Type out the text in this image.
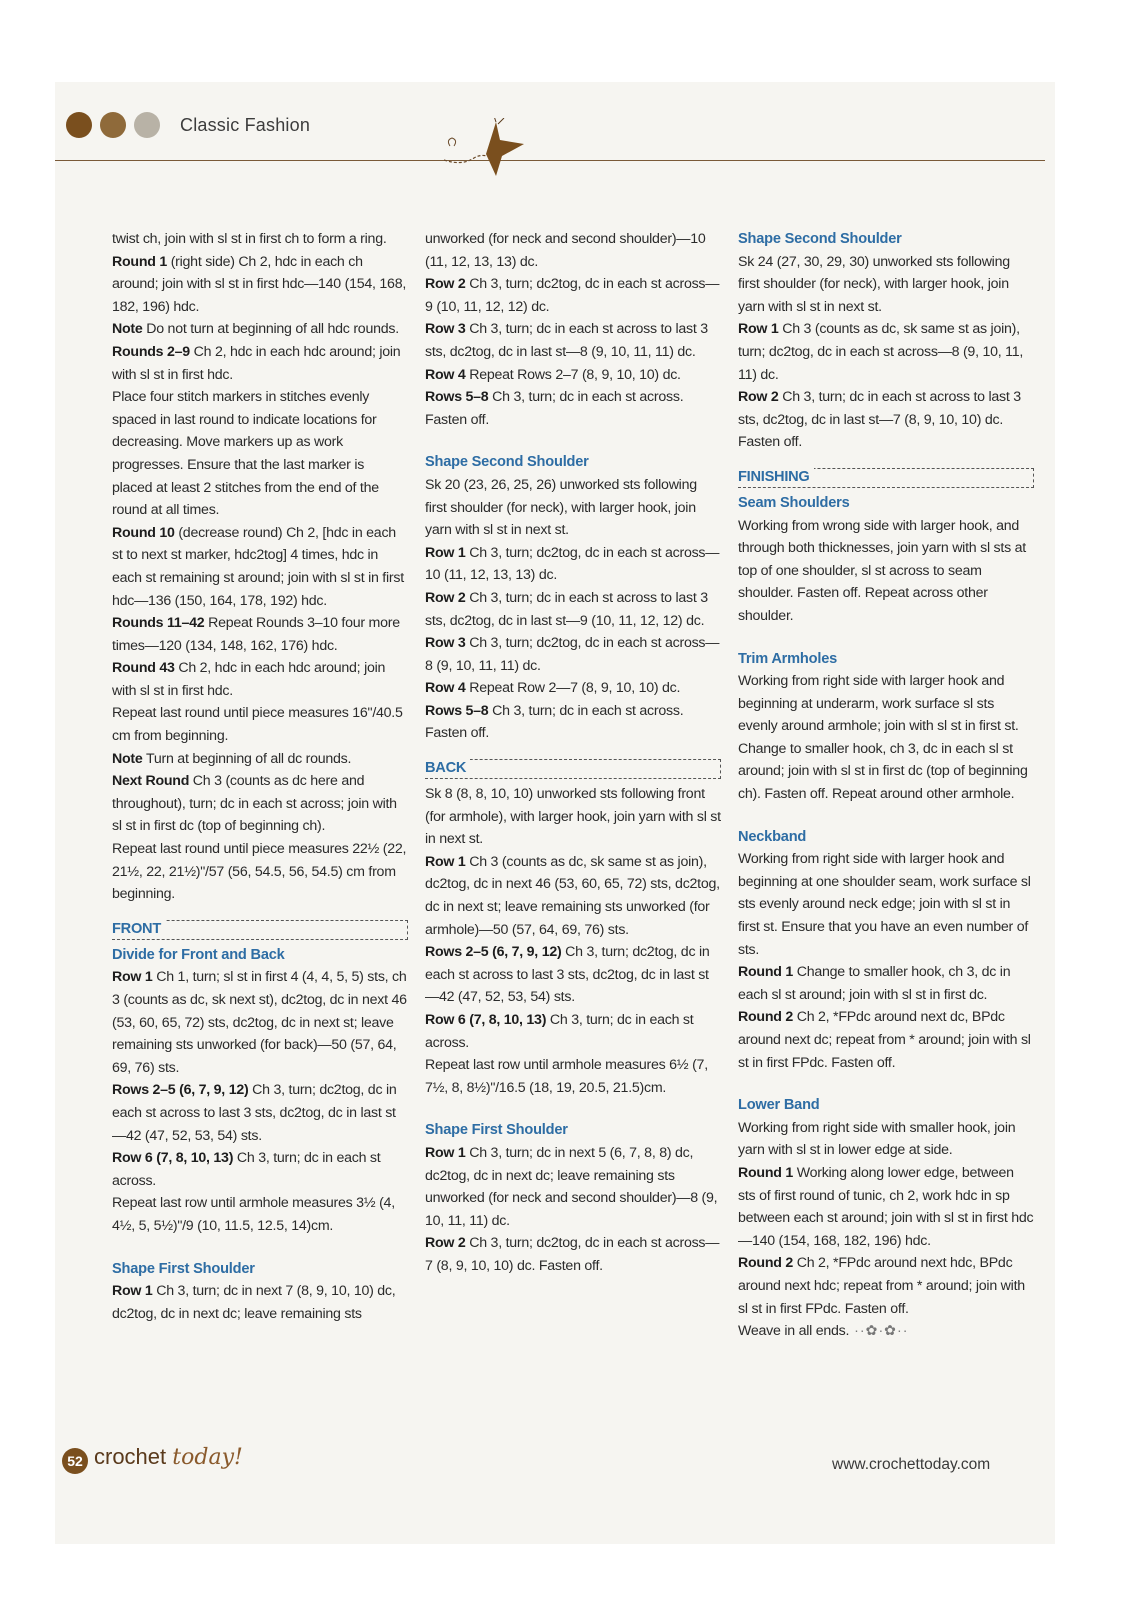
Classic Fashion

twist ch, join with sl st in first ch to form a ring.

Round 1 (right side) Ch 2, hdc in each ch around; join with sl st in first hdc—140 (154, 168, 182, 196) hdc.

Note Do not turn at beginning of all hdc rounds.

Rounds 2–9 Ch 2, hdc in each hdc around; join with sl st in first hdc.

Place four stitch markers in stitches evenly spaced in last round to indicate locations for decreasing. Move markers up as work progresses. Ensure that the last marker is placed at least 2 stitches from the end of the round at all times.

Round 10 (decrease round) Ch 2, [hdc in each st to next st marker, hdc2tog] 4 times, hdc in each st remaining st around; join with sl st in first hdc—136 (150, 164, 178, 192) hdc.

Rounds 11–42 Repeat Rounds 3–10 four more times—120 (134, 148, 162, 176) hdc.

Round 43 Ch 2, hdc in each hdc around; join with sl st in first hdc.

Repeat last round until piece measures 16"/40.5 cm from beginning.

Note Turn at beginning of all dc rounds.

Next Round Ch 3 (counts as dc here and throughout), turn; dc in each st across; join with sl st in first dc (top of beginning ch).

Repeat last round until piece measures 22½ (22, 21½, 22, 21½)"/57 (56, 54.5, 56, 54.5) cm from beginning.

FRONT
Divide for Front and Back

Row 1 Ch 1, turn; sl st in first 4 (4, 4, 5, 5) sts, ch 3 (counts as dc, sk next st), dc2tog, dc in next 46 (53, 60, 65, 72) sts, dc2tog, dc in next st; leave remaining sts unworked (for back)—50 (57, 64, 69, 76) sts.

Rows 2–5 (6, 7, 9, 12) Ch 3, turn; dc2tog, dc in each st across to last 3 sts, dc2tog, dc in last st—42 (47, 52, 53, 54) sts.

Row 6 (7, 8, 10, 13) Ch 3, turn; dc in each st across.

Repeat last row until armhole measures 3½ (4, 4½, 5, 5½)"/9 (10, 11.5, 12.5, 14)cm.

Shape First Shoulder

Row 1 Ch 3, turn; dc in next 7 (8, 9, 10, 10) dc, dc2tog, dc in next dc; leave remaining sts

unworked (for neck and second shoulder)—10 (11, 12, 13, 13) dc.

Row 2 Ch 3, turn; dc2tog, dc in each st across—9 (10, 11, 12, 12) dc.

Row 3 Ch 3, turn; dc in each st across to last 3 sts, dc2tog, dc in last st—8 (9, 10, 11, 11) dc.

Row 4 Repeat Rows 2–7 (8, 9, 10, 10) dc.

Rows 5–8 Ch 3, turn; dc in each st across. Fasten off.

Shape Second Shoulder

Sk 20 (23, 26, 25, 26) unworked sts following first shoulder (for neck), with larger hook, join yarn with sl st in next st.

Row 1 Ch 3, turn; dc2tog, dc in each st across—10 (11, 12, 13, 13) dc.

Row 2 Ch 3, turn; dc in each st across to last 3 sts, dc2tog, dc in last st—9 (10, 11, 12, 12) dc.

Row 3 Ch 3, turn; dc2tog, dc in each st across—8 (9, 10, 11, 11) dc.

Row 4 Repeat Row 2—7 (8, 9, 10, 10) dc.

Rows 5–8 Ch 3, turn; dc in each st across. Fasten off.

BACK

Sk 8 (8, 8, 10, 10) unworked sts following front (for armhole), with larger hook, join yarn with sl st in next st.

Row 1 Ch 3 (counts as dc, sk same st as join), dc2tog, dc in next 46 (53, 60, 65, 72) sts, dc2tog, dc in next st; leave remaining sts unworked (for armhole)—50 (57, 64, 69, 76) sts.

Rows 2–5 (6, 7, 9, 12) Ch 3, turn; dc2tog, dc in each st across to last 3 sts, dc2tog, dc in last st—42 (47, 52, 53, 54) sts.

Row 6 (7, 8, 10, 13) Ch 3, turn; dc in each st across.

Repeat last row until armhole measures 6½ (7, 7½, 8, 8½)"/16.5 (18, 19, 20.5, 21.5)cm.

Shape First Shoulder

Row 1 Ch 3, turn; dc in next 5 (6, 7, 8, 8) dc, dc2tog, dc in next dc; leave remaining sts unworked (for neck and second shoulder)—8 (9, 10, 11, 11) dc.

Row 2 Ch 3, turn; dc2tog, dc in each st across—7 (8, 9, 10, 10) dc. Fasten off.

Shape Second Shoulder

Sk 24 (27, 30, 29, 30) unworked sts following first shoulder (for neck), with larger hook, join yarn with sl st in next st.

Row 1 Ch 3 (counts as dc, sk same st as join), turn; dc2tog, dc in each st across—8 (9, 10, 11, 11) dc.

Row 2 Ch 3, turn; dc in each st across to last 3 sts, dc2tog, dc in last st—7 (8, 9, 10, 10) dc. Fasten off.

FINISHING
Seam Shoulders

Working from wrong side with larger hook, and through both thicknesses, join yarn with sl sts at top of one shoulder, sl st across to seam shoulder. Fasten off. Repeat across other shoulder.

Trim Armholes

Working from right side with larger hook and beginning at underarm, work surface sl sts evenly around armhole; join with sl st in first st. Change to smaller hook, ch 3, dc in each sl st around; join with sl st in first dc (top of beginning ch). Fasten off. Repeat around other armhole.

Neckband

Working from right side with larger hook and beginning at one shoulder seam, work surface sl sts evenly around neck edge; join with sl st in first st. Ensure that you have an even number of sts.

Round 1 Change to smaller hook, ch 3, dc in each sl st around; join with sl st in first dc.

Round 2 Ch 2, *FPdc around next dc, BPdc around next dc; repeat from * around; join with sl st in first FPdc. Fasten off.

Lower Band

Working from right side with smaller hook, join yarn with sl st in lower edge at side.

Round 1 Working along lower edge, between sts of first round of tunic, ch 2, work hdc in sp between each st around; join with sl st in first hdc—140 (154, 168, 182, 196) hdc.

Round 2 Ch 2, *FPdc around next hdc, BPdc around next hdc; repeat from * around; join with sl st in first FPdc. Fasten off.

Weave in all ends. ··✿·✿··

52 crochet today!	www.crochettoday.com
